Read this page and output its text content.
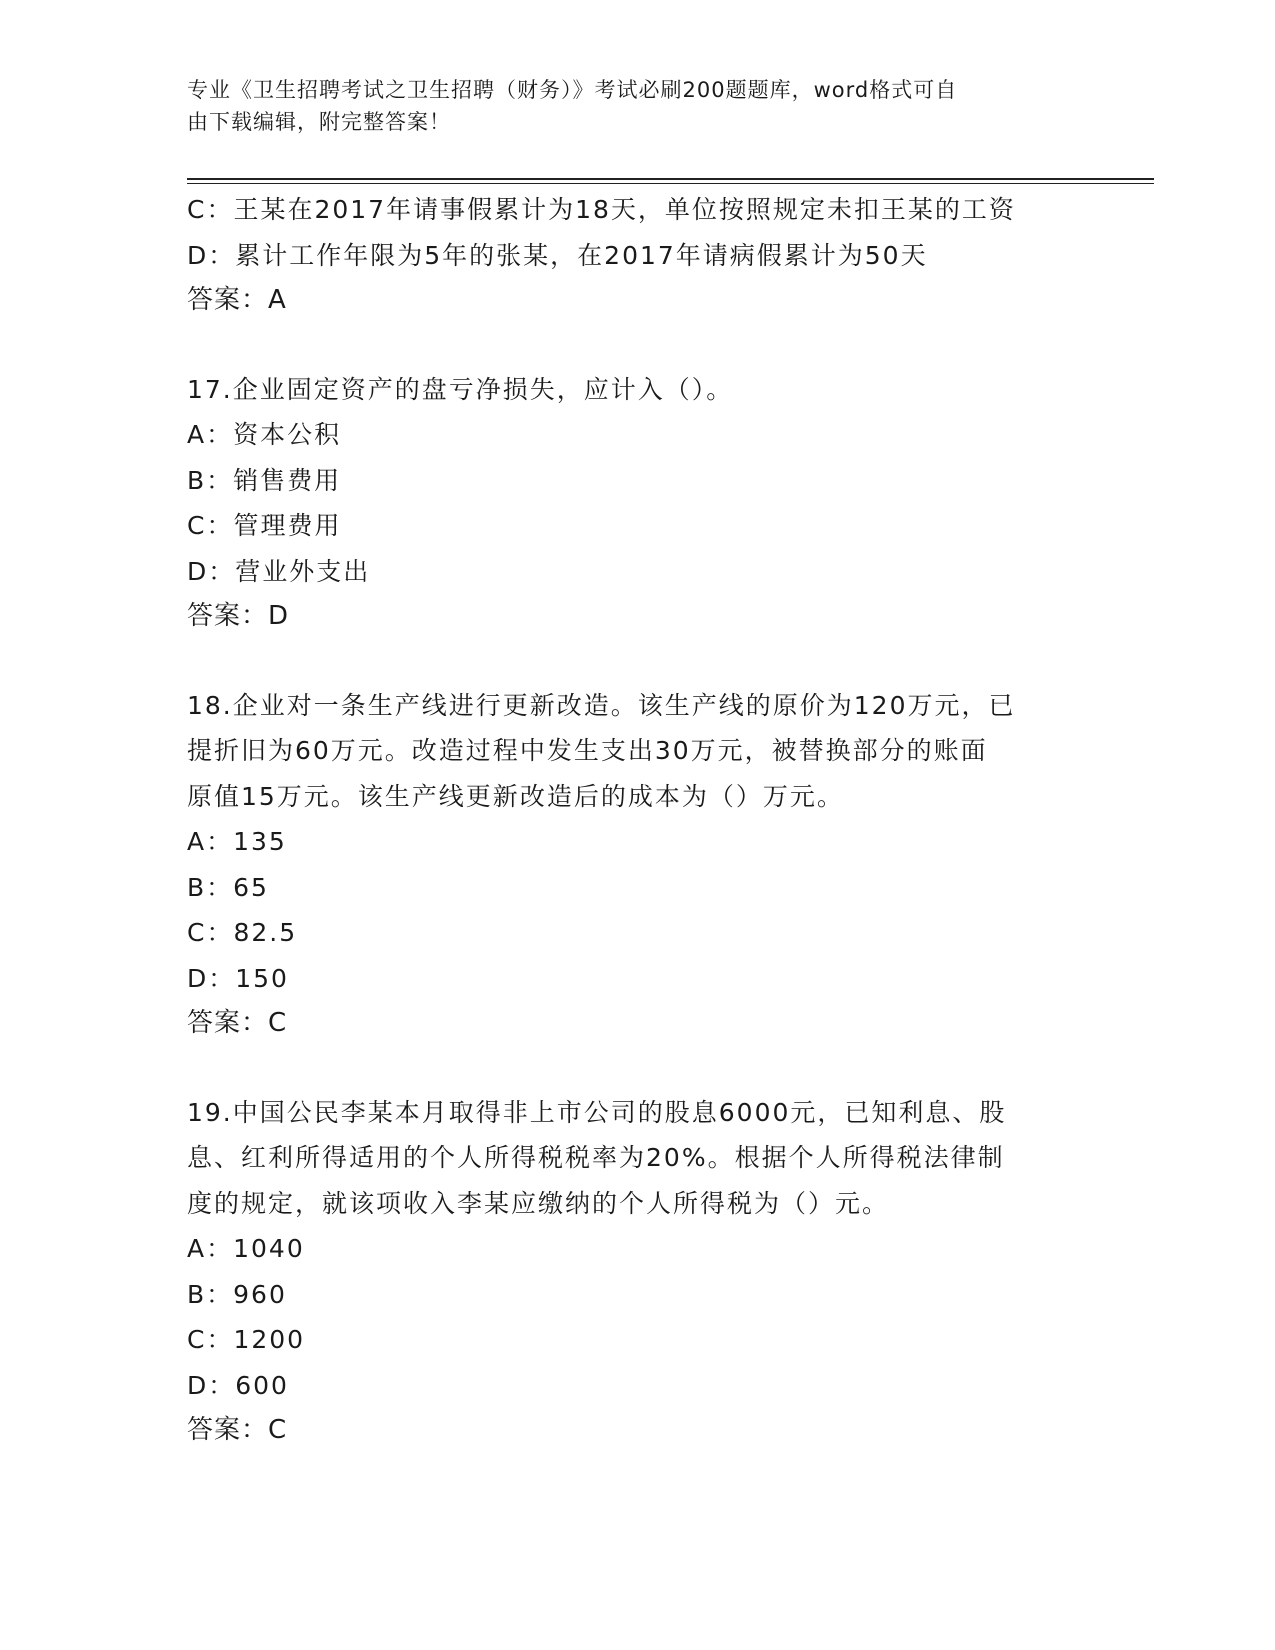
专业《卫生招聘考试之卫生招聘（财务）》考试必刷200题题库，word格式可自
由下载编辑，附完整答案！
C：王某在2017年请事假累计为18天，单位按照规定未扣王某的工资
D：累计工作年限为5年的张某，在2017年请病假累计为50天
答案：A
17.企业固定资产的盘亏净损失，应计入（）。
A：资本公积
B：销售费用
C：管理费用
D：营业外支出
答案：D
18.企业对一条生产线进行更新改造。该生产线的原价为120万元，已
提折旧为60万元。改造过程中发生支出30万元，被替换部分的账面
原值15万元。该生产线更新改造后的成本为（）万元。
A：135
B：65
C：82.5
D：150
答案：C
19.中国公民李某本月取得非上市公司的股息6000元，已知利息、股
息、红利所得适用的个人所得税税率为20%。根据个人所得税法律制
度的规定，就该项收入李某应缴纳的个人所得税为（）元。
A：1040
B：960
C：1200
D：600
答案：C
